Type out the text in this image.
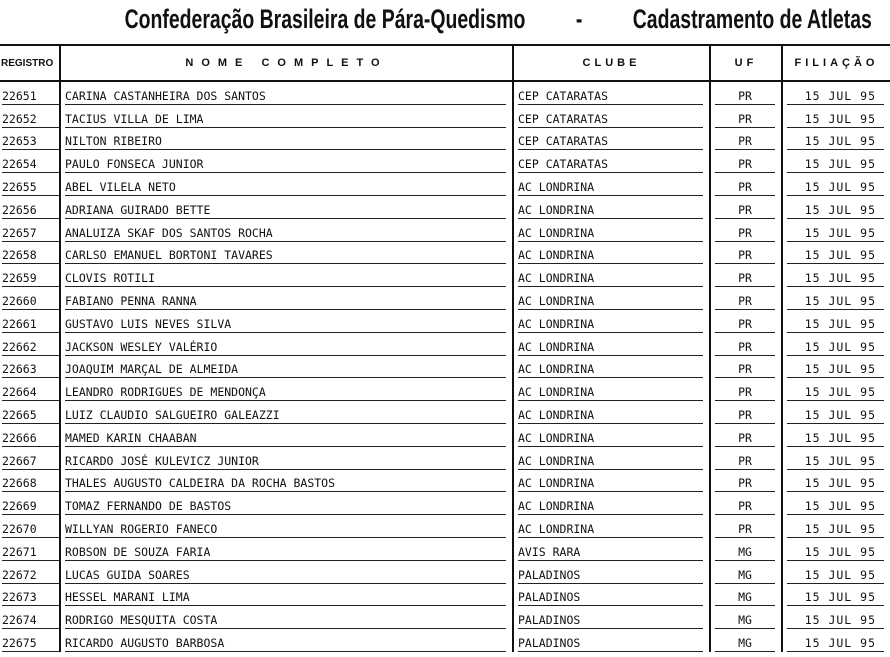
Confederação Brasileira de Pára-Quedismo - Cadastramento de Atletas
REGISTRO	NOME COMPLETO	CLUBE	UF	FILIAÇÃO

22651	CARINA CASTANHEIRA DOS SANTOS	CEP CATARATAS	PR	15 JUL 95

22652	TACIUS VILLA DE LIMA	CEP CATARATAS	PR	15 JUL 95

22653	NILTON RIBEIRO	CEP CATARATAS	PR	15 JUL 95

22654	PAULO FONSECA JUNIOR	CEP CATARATAS	PR	15 JUL 95

22655	ABEL VILELA NETO	AC LONDRINA	PR	15 JUL 95

22656	ADRIANA GUIRADO BETTE	AC LONDRINA	PR	15 JUL 95

22657	ANALUIZA SKAF DOS SANTOS ROCHA	AC LONDRINA	PR	15 JUL 95

22658	CARLSO EMANUEL BORTONI TAVARES	AC LONDRINA	PR	15 JUL 95

22659	CLOVIS ROTILI	AC LONDRINA	PR	15 JUL 95

22660	FABIANO PENNA RANNA	AC LONDRINA	PR	15 JUL 95

22661	GUSTAVO LUIS NEVES SILVA	AC LONDRINA	PR	15 JUL 95

22662	JACKSON WESLEY VALÉRIO	AC LONDRINA	PR	15 JUL 95

22663	JOAQUIM MARÇAL DE ALMEIDA	AC LONDRINA	PR	15 JUL 95

22664	LEANDRO RODRIGUES DE MENDONÇA	AC LONDRINA	PR	15 JUL 95

22665	LUIZ CLAUDIO SALGUEIRO GALEAZZI	AC LONDRINA	PR	15 JUL 95

22666	MAMED KARIN CHAABAN	AC LONDRINA	PR	15 JUL 95

22667	RICARDO JOSÉ KULEVICZ JUNIOR	AC LONDRINA	PR	15 JUL 95

22668	THALES AUGUSTO CALDEIRA DA ROCHA BASTOS	AC LONDRINA	PR	15 JUL 95

22669	TOMAZ FERNANDO DE BASTOS	AC LONDRINA	PR	15 JUL 95

22670	WILLYAN ROGERIO FANECO	AC LONDRINA	PR	15 JUL 95

22671	ROBSON DE SOUZA FARIA	AVIS RARA	MG	15 JUL 95

22672	LUCAS GUIDA SOARES	PALADINOS	MG	15 JUL 95

22673	HESSEL MARANI LIMA	PALADINOS	MG	15 JUL 95

22674	RODRIGO MESQUITA COSTA	PALADINOS	MG	15 JUL 95

22675	RICARDO AUGUSTO BARBOSA	PALADINOS	MG	15 JUL 95
